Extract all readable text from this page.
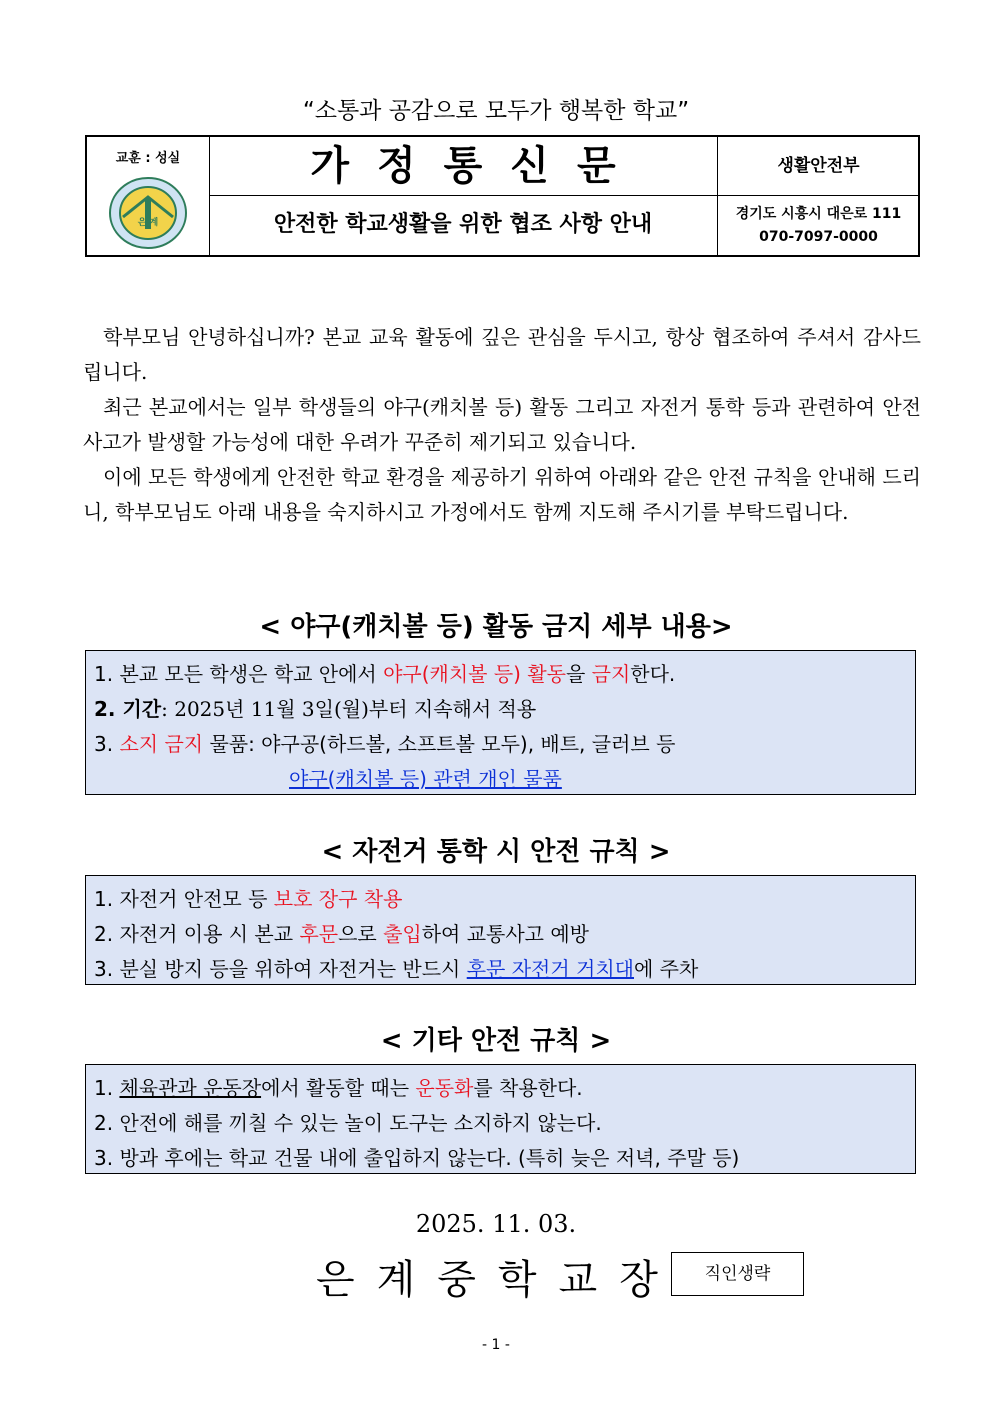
“소통과 공감으로 모두가 행복한 학교”
교훈 : 성실
은 계
가정통신문
안전한 학교생활을 위한 협조 사항 안내
생활안전부
경기도 시흥시 대은로 111
070-7097-0000

학부모님 안녕하십니까? 본교 교육 활동에 깊은 관심을 두시고, 항상 협조하여 주셔서 감사드립니다.

최근 본교에서는 일부 학생들의 야구(캐치볼 등) 활동 그리고 자전거 통학 등과 관련하여 안전사고가 발생할 가능성에 대한 우려가 꾸준히 제기되고 있습니다.

이에 모든 학생에게 안전한 학교 환경을 제공하기 위하여 아래와 같은 안전 규칙을 안내해 드리니, 학부모님도 아래 내용을 숙지하시고 가정에서도 함께 지도해 주시기를 부탁드립니다.

< 야구(캐치볼 등) 활동 금지 세부 내용>
1. 본교 모든 학생은 학교 안에서 야구(캐치볼 등) 활동을 금지한다.
2. 기간: 2025년 11월 3일(월)부터 지속해서 적용
3. 소지 금지 물품: 야구공(하드볼, 소프트볼 모두), 배트, 글러브 등
야구(캐치볼 등) 관련 개인 물품
< 자전거 통학 시 안전 규칙 >
1. 자전거 안전모 등 보호 장구 착용
2. 자전거 이용 시 본교 후문으로 출입하여 교통사고 예방
3. 분실 방지 등을 위하여 자전거는 반드시 후문 자전거 거치대에 주차
< 기타 안전 규칙 >
1. 체육관과 운동장에서 활동할 때는 운동화를 착용한다.
2. 안전에 해를 끼칠 수 있는 놀이 도구는 소지하지 않는다.
3. 방과 후에는 학교 건물 내에 출입하지 않는다. (특히 늦은 저녁, 주말 등)
2025. 11. 03.
은계중학교장	직인생략
- 1 -
